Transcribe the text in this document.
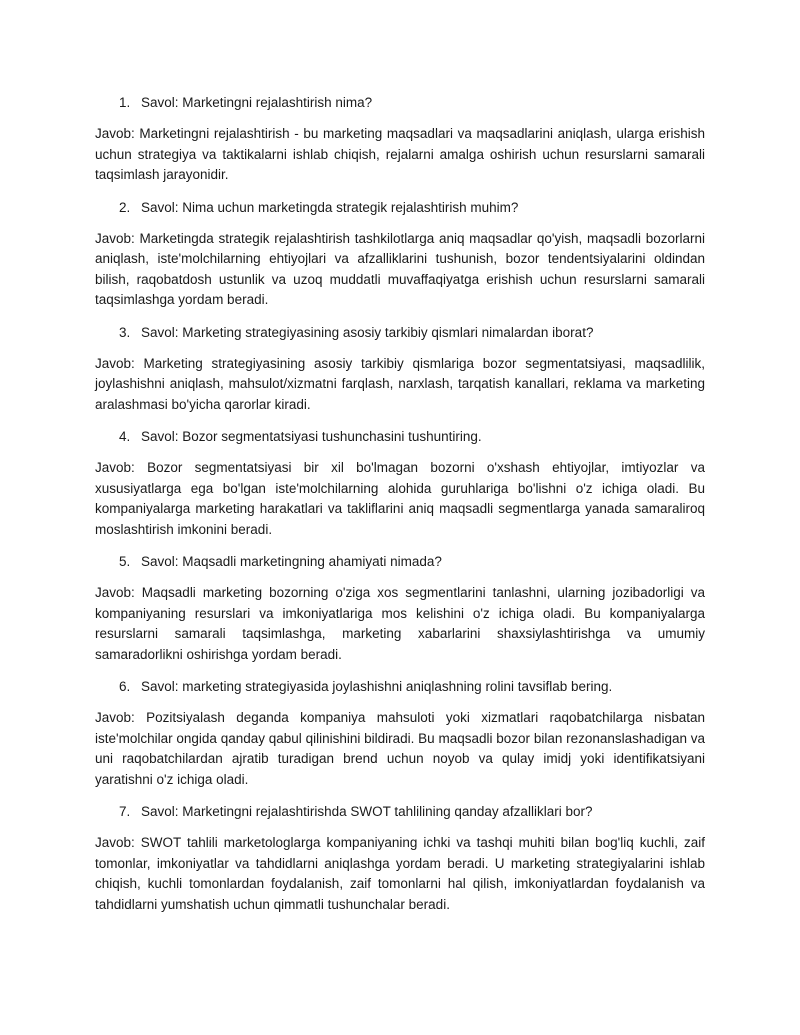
1. Savol: Marketingni rejalashtirish nima?

Javob: Marketingni rejalashtirish - bu marketing maqsadlari va maqsadlarini aniqlash, ularga erishish uchun strategiya va taktikalarni ishlab chiqish, rejalarni amalga oshirish uchun resurslarni samarali taqsimlash jarayonidir.

2. Savol: Nima uchun marketingda strategik rejalashtirish muhim?

Javob: Marketingda strategik rejalashtirish tashkilotlarga aniq maqsadlar qo'yish, maqsadli bozorlarni aniqlash, iste'molchilarning ehtiyojlari va afzalliklarini tushunish, bozor tendentsiyalarini oldindan bilish, raqobatdosh ustunlik va uzoq muddatli muvaffaqiyatga erishish uchun resurslarni samarali taqsimlashga yordam beradi.

3. Savol: Marketing strategiyasining asosiy tarkibiy qismlari nimalardan iborat?

Javob: Marketing strategiyasining asosiy tarkibiy qismlariga bozor segmentatsiyasi, maqsadlilik, joylashishni aniqlash, mahsulot/xizmatni farqlash, narxlash, tarqatish kanallari, reklama va marketing aralashmasi bo'yicha qarorlar kiradi.

4. Savol: Bozor segmentatsiyasi tushunchasini tushuntiring.

Javob: Bozor segmentatsiyasi bir xil bo'lmagan bozorni o'xshash ehtiyojlar, imtiyozlar va xususiyatlarga ega bo'lgan iste'molchilarning alohida guruhlariga bo'lishni o'z ichiga oladi. Bu kompaniyalarga marketing harakatlari va takliflarini aniq maqsadli segmentlarga yanada samaraliroq moslashtirish imkonini beradi.

5. Savol: Maqsadli marketingning ahamiyati nimada?

Javob: Maqsadli marketing bozorning o'ziga xos segmentlarini tanlashni, ularning jozibadorligi va kompaniyaning resurslari va imkoniyatlariga mos kelishini o'z ichiga oladi. Bu kompaniyalarga resurslarni samarali taqsimlashga, marketing xabarlarini shaxsiylashtirishga va umumiy samaradorlikni oshirishga yordam beradi.

6. Savol: marketing strategiyasida joylashishni aniqlashning rolini tavsiflab bering.

Javob: Pozitsiyalash deganda kompaniya mahsuloti yoki xizmatlari raqobatchilarga nisbatan iste'molchilar ongida qanday qabul qilinishini bildiradi. Bu maqsadli bozor bilan rezonanslashadigan va uni raqobatchilardan ajratib turadigan brend uchun noyob va qulay imidj yoki identifikatsiyani yaratishni o'z ichiga oladi.

7. Savol: Marketingni rejalashtirishda SWOT tahlilining qanday afzalliklari bor?

Javob: SWOT tahlili marketologlarga kompaniyaning ichki va tashqi muhiti bilan bog'liq kuchli, zaif tomonlar, imkoniyatlar va tahdidlarni aniqlashga yordam beradi. U marketing strategiyalarini ishlab chiqish, kuchli tomonlardan foydalanish, zaif tomonlarni hal qilish, imkoniyatlardan foydalanish va tahdidlarni yumshatish uchun qimmatli tushunchalar beradi.
